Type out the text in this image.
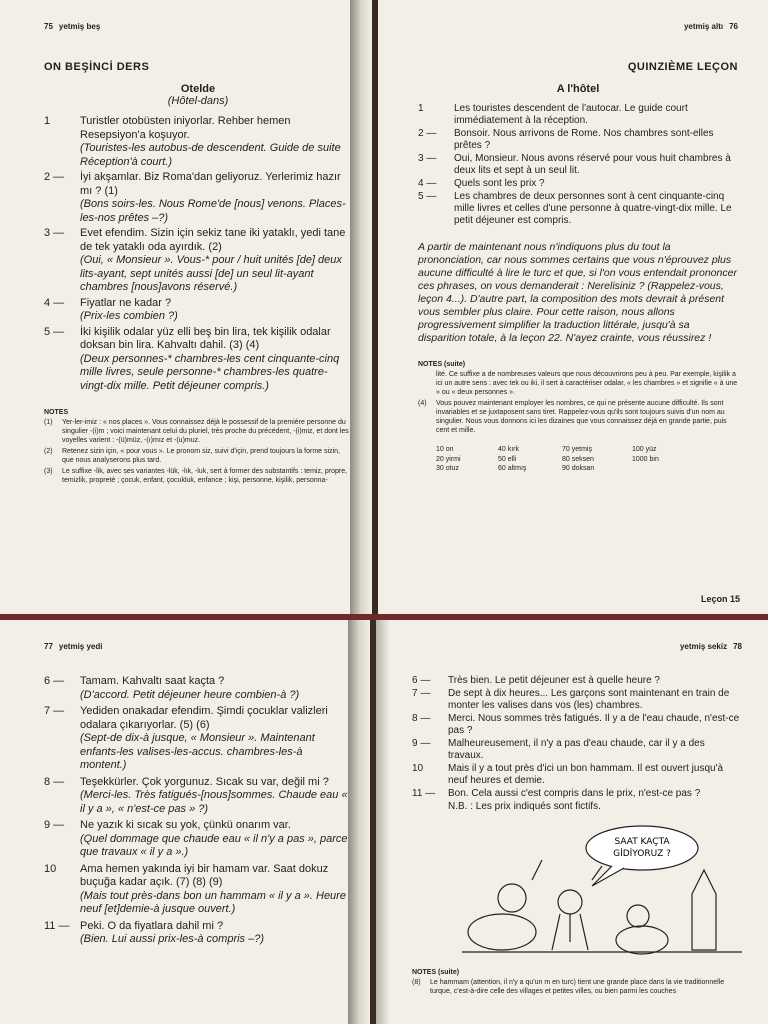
75 yetmiş beş
ON BEŞİNCİ DERS
Otelde
(Hôtel-dans)
1	Turistler otobüsten iniyorlar. Rehber hemen Resepsiyon'a koşuyor.
(Touristes-les autobus-de descendent. Guide de suite Réception'à court.)
2 —	İyi akşamlar. Biz Roma'dan geliyoruz. Yerlerimiz hazır mı ? (1)
(Bons soirs-les. Nous Rome'de [nous] venons. Places-les-nos prêtes –?)
3 —	Evet efendim. Sizin için sekiz tane iki yataklı, yedi tane de tek yataklı oda ayırdık. (2)
(Oui, « Monsieur ». Vous-* pour / huit unités [de] deux lits-ayant, sept unités aussi [de] un seul lit-ayant chambres [nous]avons réservé.)
4 —	Fiyatlar ne kadar ?
(Prix-les combien ?)
5 —	İki kişilik odalar yüz elli beş bin lira, tek kişilik odalar doksan bin lira. Kahvaltı dahil. (3) (4)
(Deux personnes-* chambres-les cent cinquante-cinq mille livres, seule personne-* chambres-les quatre-vingt-dix mille. Petit déjeuner compris.)
NOTES
(1)	Yer-ler-imiz : « nos places ». Vous connaissez déjà le possessif de la première personne du singulier -(i)m ; voici maintenant celui du pluriel, très proche du précédent, -(i)miz, et dont les voyelles varient : -(ü)müz, -(ı)mız et -(u)muz.
(2)	Retenez sizin için, « pour vous ». Le pronom siz, suivi d'için, prend toujours la forme sizin, que nous analyserons plus tard.
(3)	Le suffixe -lik, avec ses variantes -lük, -lık, -luk, sert à former des substantifs : temiz, propre, temizlik, propreté ; çocuk, enfant, çocukluk, enfance ; kişi, personne, kişilik, personna-
yetmiş altı 76
QUINZIÈME LEÇON
A l'hôtel
1	Les touristes descendent de l'autocar. Le guide court immédiatement à la réception.
2 —	Bonsoir. Nous arrivons de Rome. Nos chambres sont-elles prêtes ?
3 —	Oui, Monsieur. Nous avons réservé pour vous huit chambres à deux lits et sept à un seul lit.
4 —	Quels sont les prix ?
5 —	Les chambres de deux personnes sont à cent cinquante-cinq mille livres et celles d'une personne à quatre-vingt-dix mille. Le petit déjeuner est compris.
A partir de maintenant nous n'indiquons plus du tout la prononciation, car nous sommes certains que vous n'éprouvez plus aucune difficulté à lire le turc et que, si l'on vous entendait prononcer ces phrases, on vous demanderait : Nerelisiniz ? (Rappelez-vous, leçon 4...). D'autre part, la composition des mots devrait à présent vous sembler plus claire. Pour cette raison, nous allons progressivement simplifier la traduction littérale, jusqu'à sa disparition totale, à la leçon 22. N'ayez crainte, vous réussirez !
NOTES (suite)
lité. Ce suffixe a de nombreuses valeurs que nous découvrirons peu à peu. Par exemple, kişilik a ici un autre sens : avec tek ou iki, il sert à caractériser odalar, « les chambres » et signifie « à une » ou « deux personnes ».
(4)	Vous pouvez maintenant employer les nombres, ce qui ne présente aucune difficulté. Ils sont invariables et se juxtaposent sans tiret. Rappelez-vous qu'ils sont toujours suivis d'un nom au singulier. Nous vous donnons ici les dizaines que vous connaissez déjà en grande partie, puis cent et mille.
10 on	40 kırk	70 yetmiş	100 yüz
20 yirmi	50 elli	80 seksen	1000 bin
30 otuz	60 altmış	90 doksan
Leçon 15
77 yetmiş yedi
6 —	Tamam. Kahvaltı saat kaçta ?
(D'accord. Petit déjeuner heure combien-à ?)
7 —	Yediden onakadar efendim. Şimdi çocuklar valizleri odalara çıkarıyorlar. (5) (6)
(Sept-de dix-à jusque, « Monsieur ». Maintenant enfants-les valises-les-accus. chambres-les-à montent.)
8 —	Teşekkürler. Çok yorgunuz. Sıcak su var, değil mi ?
(Merci-les. Très fatigués-[nous]sommes. Chaude eau « il y a », « n'est-ce pas » ?)
9 —	Ne yazık ki sıcak su yok, çünkü onarım var.
(Quel dommage que chaude eau « il n'y a pas », parce que travaux « il y a ».)
10	Ama hemen yakında iyi bir hamam var. Saat dokuz buçuğa kadar açık. (7) (8) (9)
(Mais tout près-dans bon un hammam « il y a ». Heure neuf [et]demie-à jusque ouvert.)
11 — Peki. O da fiyatlara dahil mi ?
(Bien. Lui aussi prix-les-à compris –?)
yetmiş sekiz 78
6 —	Très bien. Le petit déjeuner est à quelle heure ?
7 —	De sept à dix heures... Les garçons sont maintenant en train de monter les valises dans vos (les) chambres.
8 —	Merci. Nous sommes très fatigués. Il y a de l'eau chaude, n'est-ce pas ?
9 —	Malheureusement, il n'y a pas d'eau chaude, car il y a des travaux.
10	Mais il y a tout près d'ici un bon hammam. Il est ouvert jusqu'à neuf heures et demie.
11 —	Bon. Cela aussi c'est compris dans le prix, n'est-ce pas ?
N.B. : Les prix indiqués sont fictifs.
SAAT KAÇTA
GİDİYORUZ ?
NOTES (suite)
(8)	Le hammam (attention, il n'y a qu'un m en turc) tient une grande place dans la vie traditionnelle turque, c'est-à-dire celle des villages et petites villes, ou bien parmi les couches
